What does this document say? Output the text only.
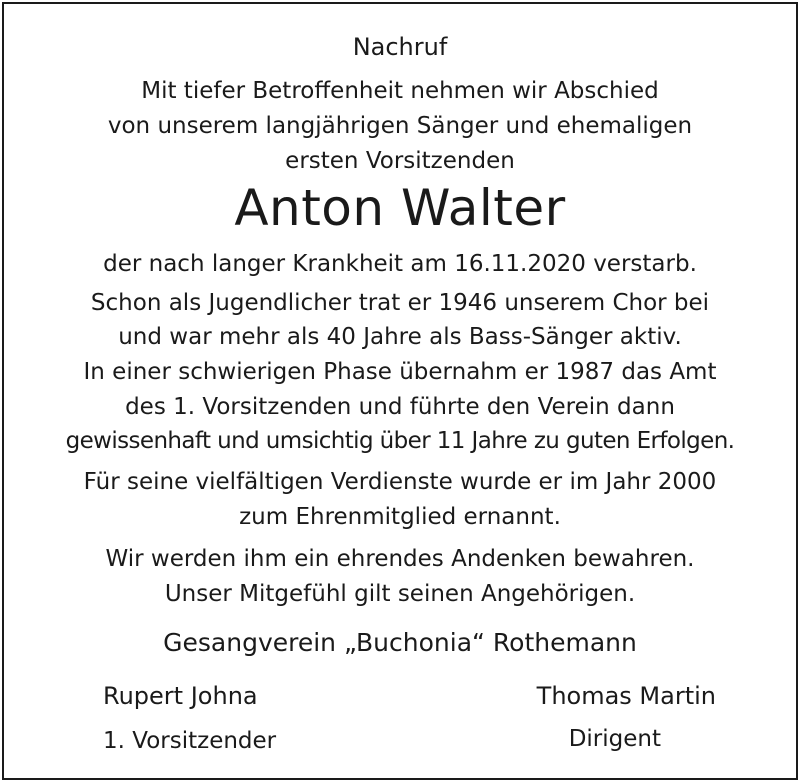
Nachruf
Mit tiefer Betroffenheit nehmen wir Abschied
von unserem langjährigen Sänger und ehemaligen
ersten Vorsitzenden
Anton Walter
der nach langer Krankheit am 16.11.2020 verstarb.
Schon als Jugendlicher trat er 1946 unserem Chor bei
und war mehr als 40 Jahre als Bass-Sänger aktiv.
In einer schwierigen Phase übernahm er 1987 das Amt
des 1. Vorsitzenden und führte den Verein dann
gewissenhaft und umsichtig über 11 Jahre zu guten Erfolgen.
Für seine vielfältigen Verdienste wurde er im Jahr 2000
zum Ehrenmitglied ernannt.
Wir werden ihm ein ehrendes Andenken bewahren.
Unser Mitgefühl gilt seinen Angehörigen.
Gesangverein „Buchonia“ Rothemann
Rupert Johna
1. Vorsitzender
Thomas Martin
Dirigent
